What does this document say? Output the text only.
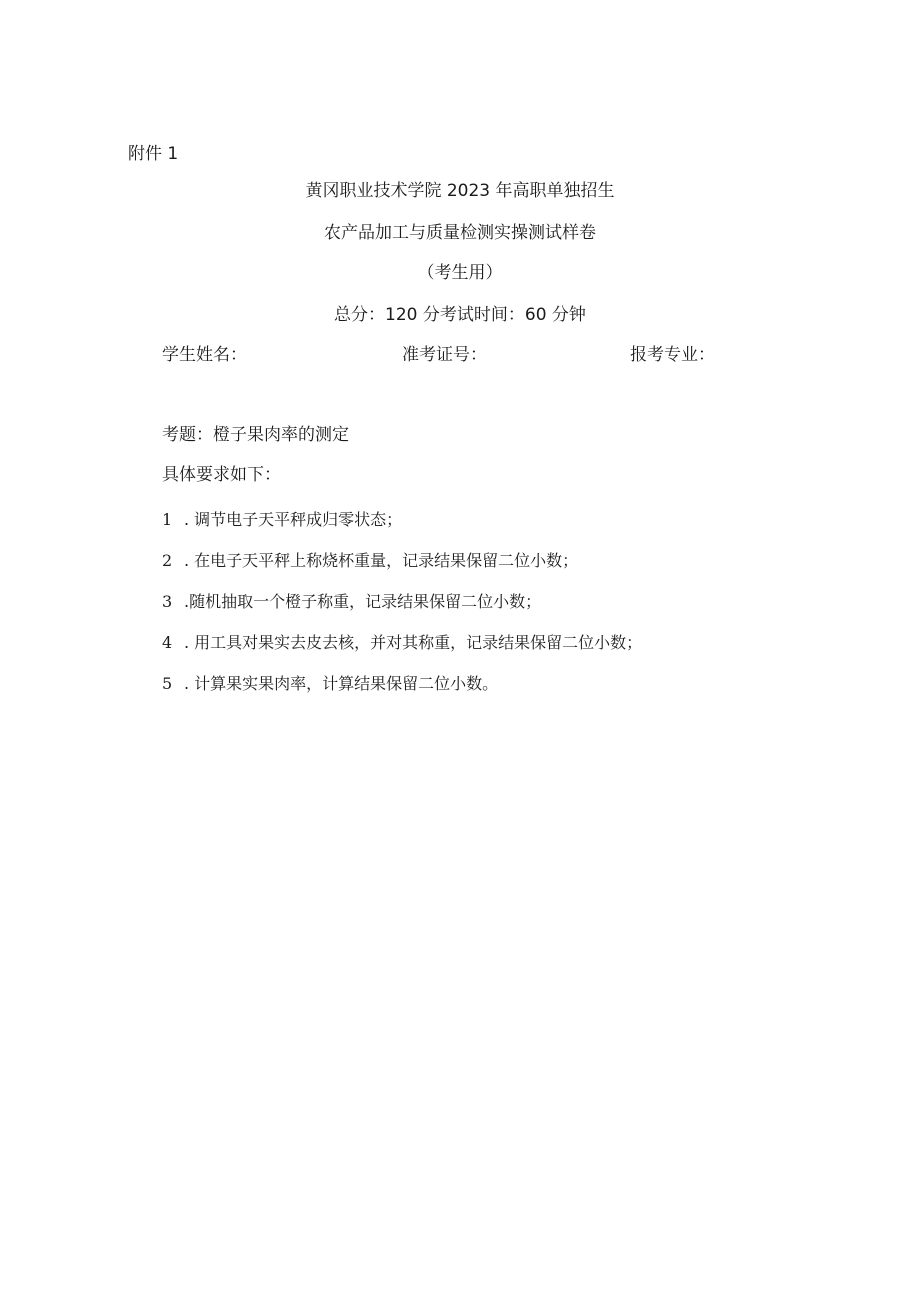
附件 1
黄冈职业技术学院 2023 年高职单独招生
农产品加工与质量检测实操测试样卷
（考生用）
总分：120 分考试时间：60 分钟
学生姓名：	准考证号：	报考专业：
考题：橙子果肉率的测定
具体要求如下：
1 . 调节电子天平秤成归零状态；
2 . 在电子天平秤上称烧杯重量，记录结果保留二位小数；
3 .随机抽取一个橙子称重，记录结果保留二位小数；
4 . 用工具对果实去皮去核，并对其称重，记录结果保留二位小数；
5 . 计算果实果肉率，计算结果保留二位小数。
